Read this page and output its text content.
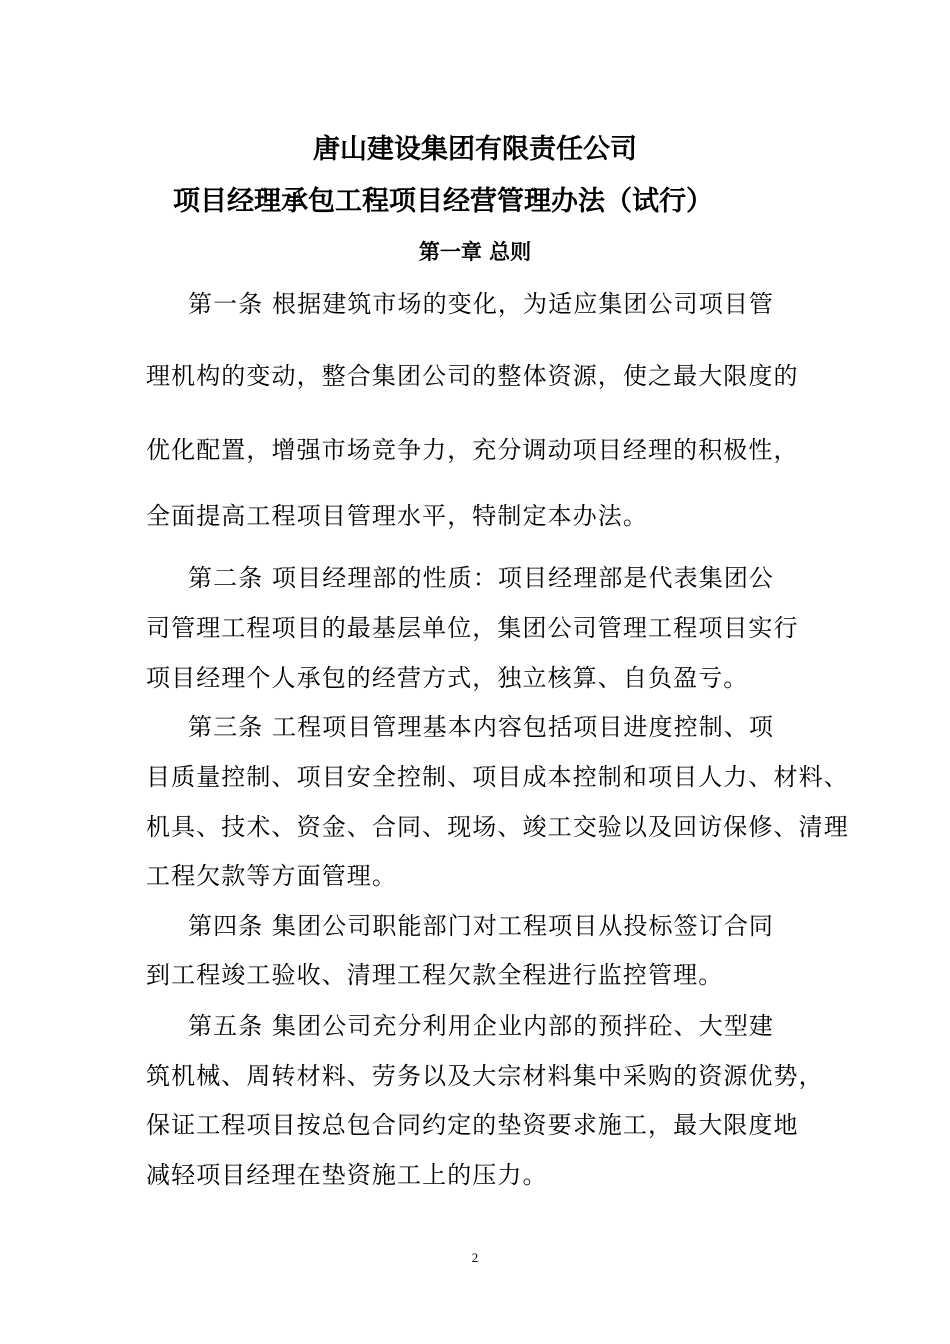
唐山建设集团有限责任公司
项目经理承包工程项目经营管理办法（试行）
第一章 总则
第一条 根据建筑市场的变化，为适应集团公司项目管
理机构的变动，整合集团公司的整体资源，使之最大限度的
优化配置，增强市场竞争力，充分调动项目经理的积极性，
全面提高工程项目管理水平，特制定本办法。
第二条 项目经理部的性质：项目经理部是代表集团公
司管理工程项目的最基层单位，集团公司管理工程项目实行
项目经理个人承包的经营方式，独立核算、自负盈亏。
第三条 工程项目管理基本内容包括项目进度控制、项
目质量控制、项目安全控制、项目成本控制和项目人力、材料、
机具、技术、资金、合同、现场、竣工交验以及回访保修、清理
工程欠款等方面管理。
第四条 集团公司职能部门对工程项目从投标签订合同
到工程竣工验收、清理工程欠款全程进行监控管理。
第五条 集团公司充分利用企业内部的预拌砼、大型建
筑机械、周转材料、劳务以及大宗材料集中采购的资源优势，
保证工程项目按总包合同约定的垫资要求施工，最大限度地
减轻项目经理在垫资施工上的压力。
2
